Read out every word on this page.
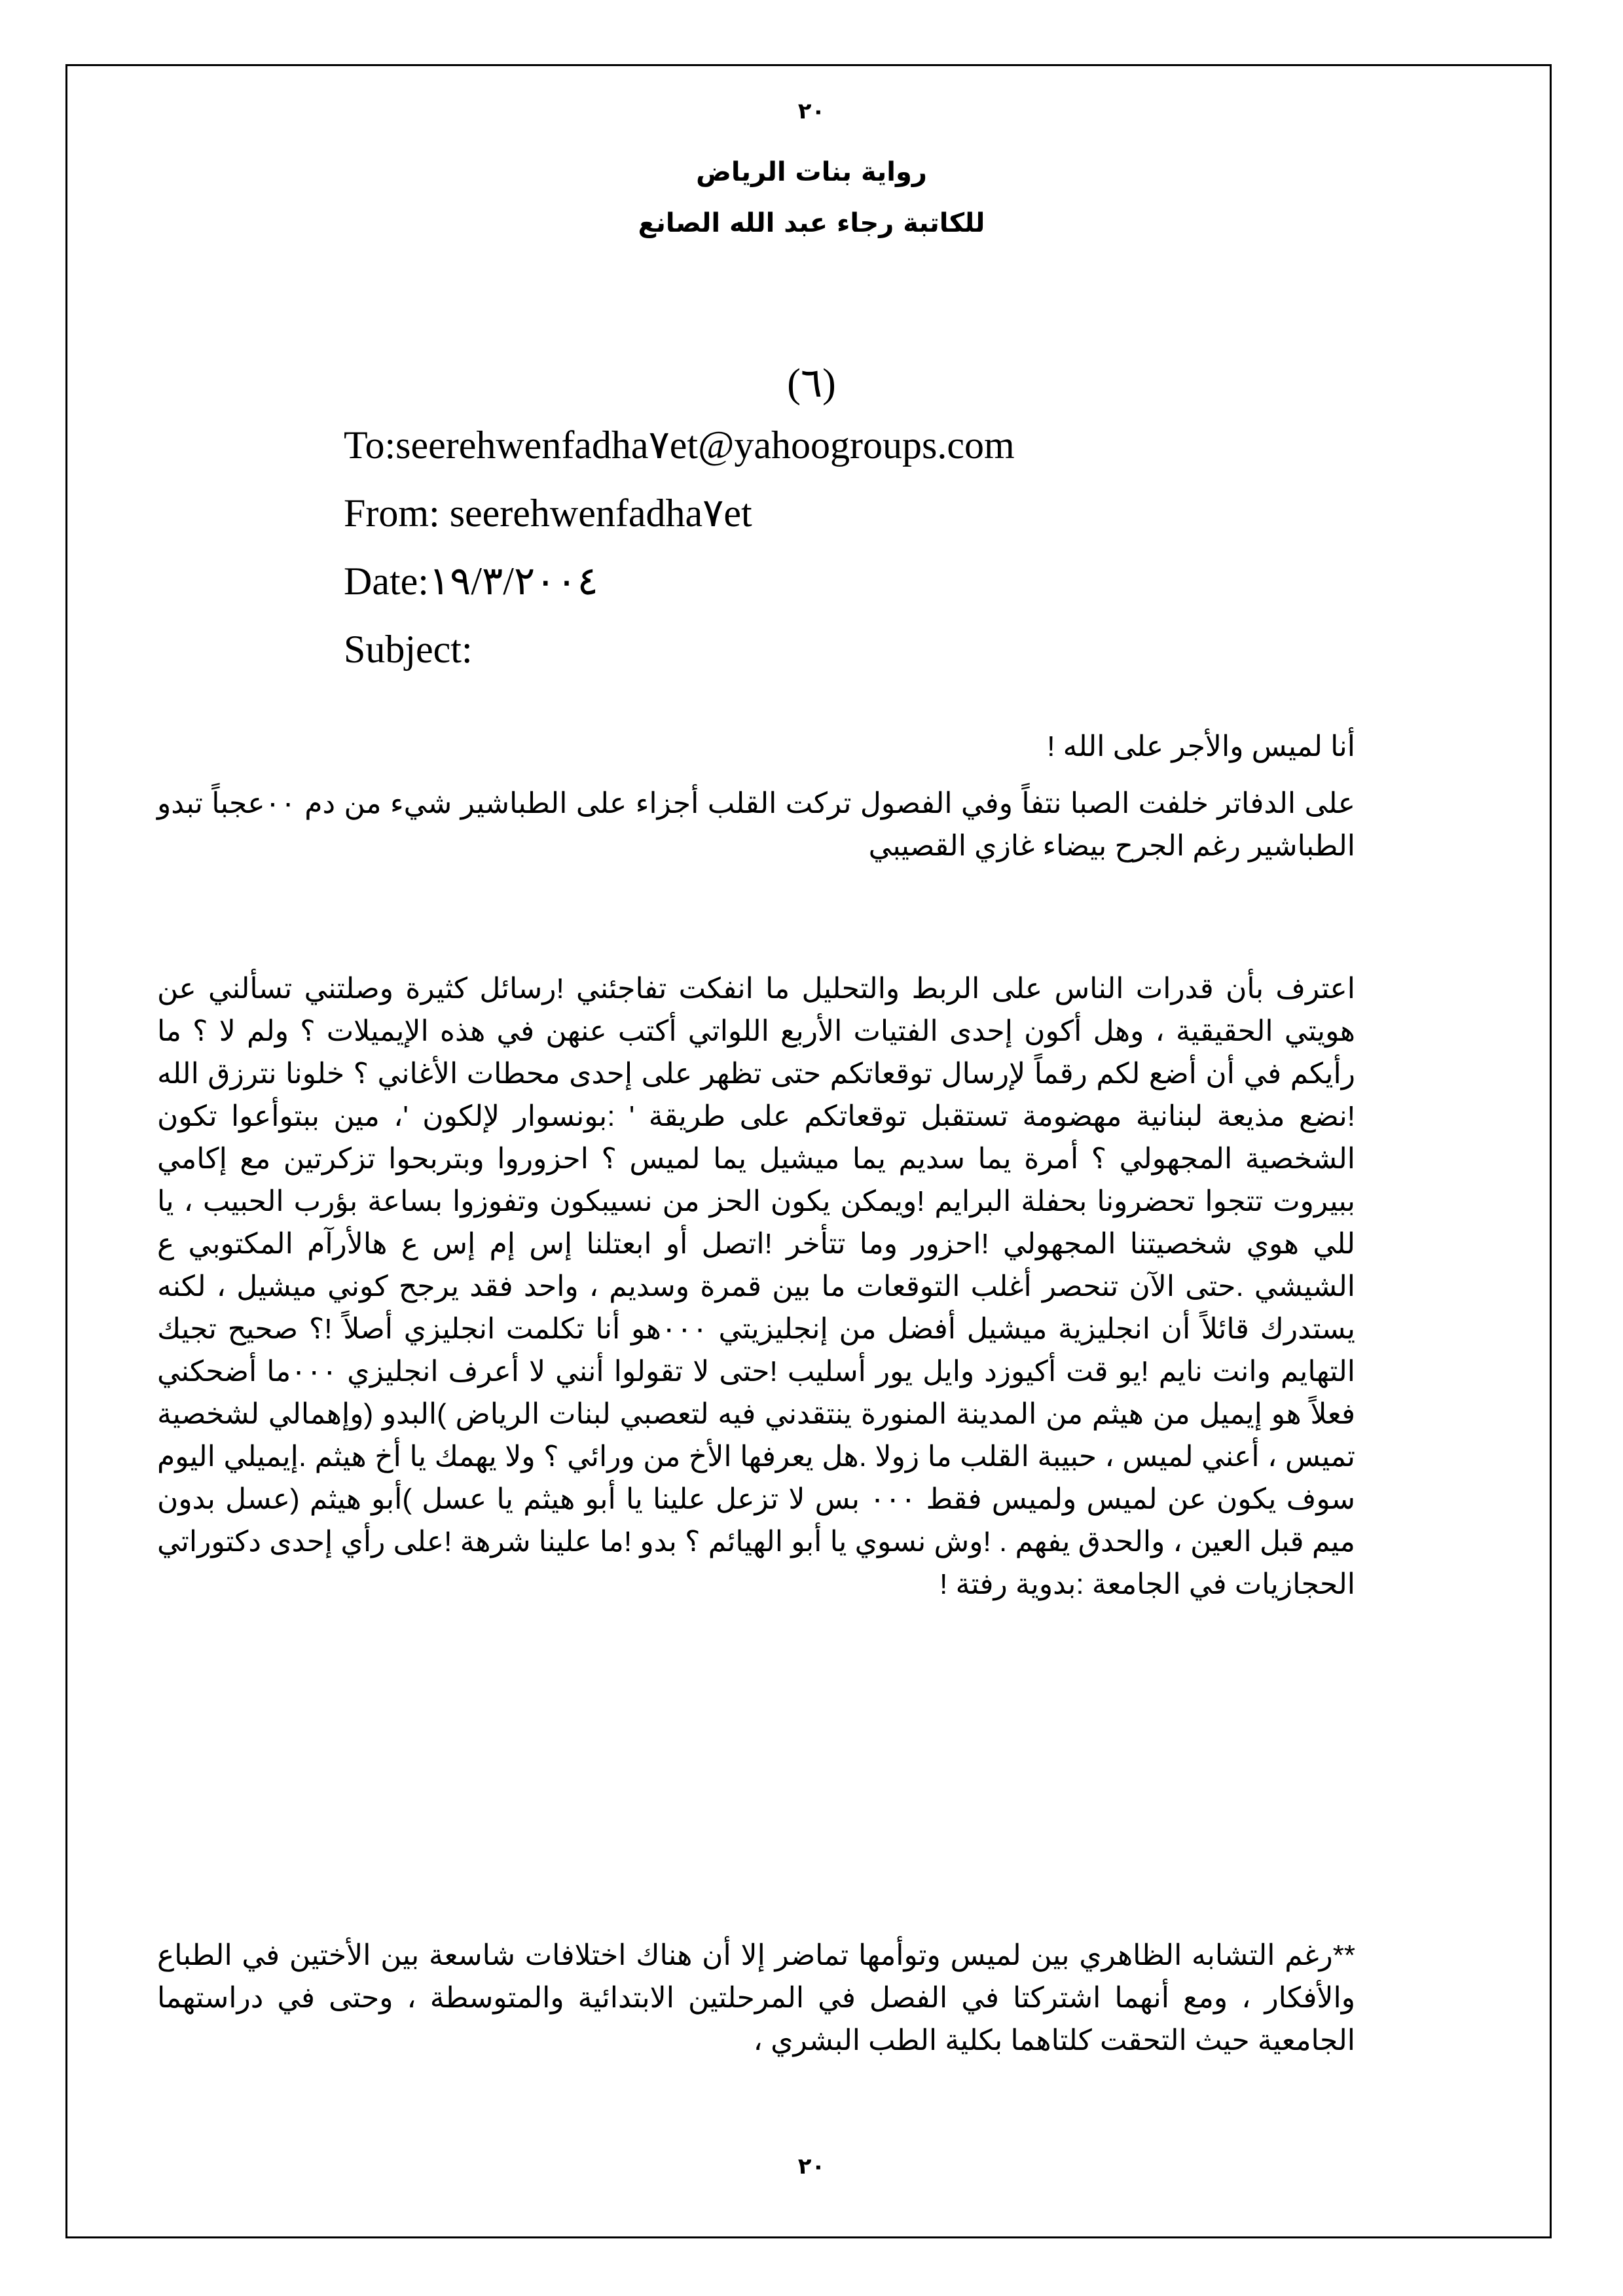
٢٠
رواية بنات الرياض
للكاتبة رجاء عبد الله الصانع
(٦)
To:seerehwenfadha٧et@yahoogroups.com
From: seerehwenfadha٧et
Date:١٩/٣/٢٠٠٤
Subject:

أنا لميس والأجر على الله !

على الدفاتر خلفت الصبا نتفاً وفي الفصول تركت القلب أجزاء على الطباشير شيء من دم ٠٠عجباً تبدو الطباشير رغم الجرح بيضاء غازي القصيبي

اعترف بأن قدرات الناس على الربط والتحليل ما انفكت تفاجئني !رسائل كثيرة وصلتني تسألني عن هويتي الحقيقية ، وهل أكون إحدى الفتيات الأربع اللواتي أكتب عنهن في هذه الإيميلات ؟ ولم لا ؟ ما رأيكم في أن أضع لكم رقماً لإرسال توقعاتكم حتى تظهر على إحدى محطات الأغاني ؟ خلونا نترزق الله !نضع مذيعة لبنانية مهضومة تستقبل توقعاتكم على طريقة ' :بونسوار لإلكون '، مين ببتوأعوا تكون الشخصية المجهولي ؟ أمرة يما سديم يما ميشيل يما لميس ؟ احزوروا وبتربحوا تزكرتين مع إكامي ببيروت تتجوا تحضرونا بحفلة البرايم !ويمكن يكون الحز من نسيبكون وتفوزوا بساعة بؤرب الحبيب ، يا للي هوي شخصيتنا المجهولي !احزور وما تتأخر !اتصل أو ابعتلنا إس إم إس ع هالأرآم المكتوبي ع الشيشي .حتى الآن تنحصر أغلب التوقعات ما بين قمرة وسديم ، واحد فقد يرجح كوني ميشيل ، لكنه يستدرك قائلاً أن انجليزية ميشيل أفضل من إنجليزيتي ٠٠٠هو أنا تكلمت انجليزي أصلاً !؟ صحيح تجيك التهايم وانت نايم !يو قت أكيوزد وايل يور أسليب !حتى لا تقولوا أنني لا أعرف انجليزي ٠٠٠ما أضحكني فعلاً هو إيميل من هيثم من المدينة المنورة ينتقدني فيه لتعصبي لبنات الرياض )البدو (وإهمالي لشخصية تميس ، أعني لميس ، حبيبة القلب ما زولا .هل يعرفها الأخ من ورائي ؟ ولا يهمك يا أخ هيثم .إيميلي اليوم سوف يكون عن لميس ولميس فقط ٠٠٠ بس لا تزعل علينا يا أبو هيثم يا عسل )أبو هيثم (عسل بدون ميم قبل العين ، والحدق يفهم . !وش نسوي يا أبو الهيائم ؟ بدو !ما علينا شرهة !على رأي إحدى دكتوراتي الحجازيات في الجامعة :بدوية رفتة !

**رغم التشابه الظاهري بين لميس وتوأمها تماضر إلا أن هناك اختلافات شاسعة بين الأختين في الطباع والأفكار ، ومع أنهما اشتركتا في الفصل في المرحلتين الابتدائية والمتوسطة ، وحتى في دراستهما الجامعية حيث التحقت كلتاهما بكلية الطب البشري ،

٢٠
